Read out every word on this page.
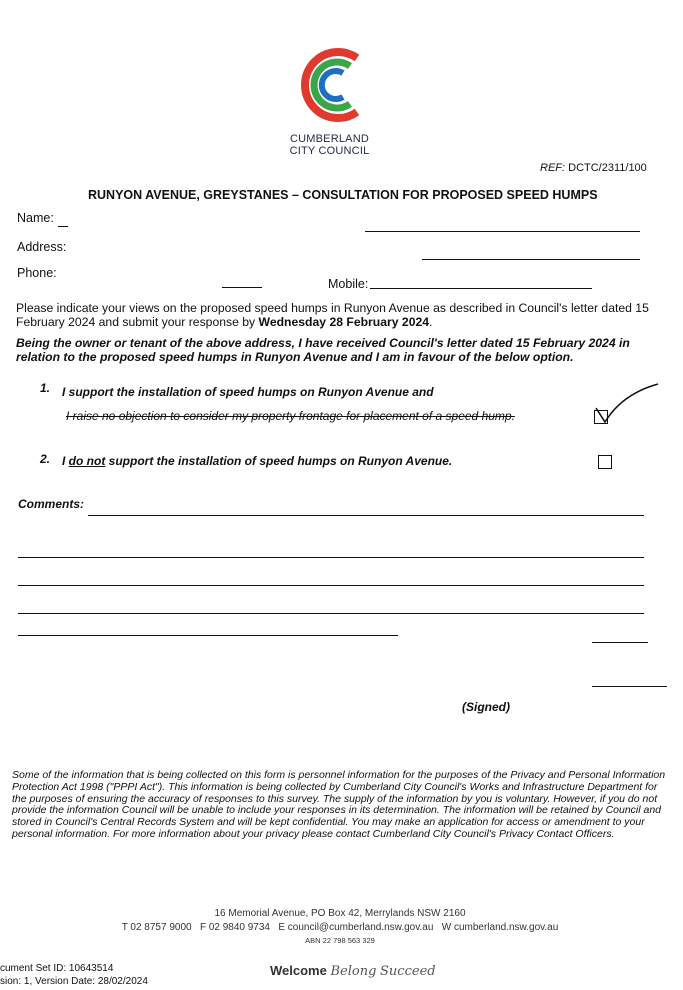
CUMBERLAND
CITY COUNCIL
REF: DCTC/2311/100
RUNYON AVENUE, GREYSTANES – CONSULTATION FOR PROPOSED SPEED HUMPS
Name:
Address:
Phone:
Mobile:
Please indicate your views on the proposed speed humps in Runyon Avenue as described in Council's letter dated 15 February 2024 and submit your response by Wednesday 28 February 2024.
Being the owner or tenant of the above address, I have received Council's letter dated 15 February 2024 in relation to the proposed speed humps in Runyon Avenue and I am in favour of the below option.
1. I support the installation of speed humps on Runyon Avenue and
I raise no objection to consider my property frontage for placement of a speed hump.
2. I do not support the installation of speed humps on Runyon Avenue.
Comments:
(Signed)
Some of the information that is being collected on this form is personnel information for the purposes of the Privacy and Personal Information Protection Act 1998 ("PPPI Act"). This information is being collected by Cumberland City Council's Works and Infrastructure Department for the purposes of ensuring the accuracy of responses to this survey. The supply of the information by you is voluntary. However, if you do not provide the information Council will be unable to include your responses in its determination. The information will be retained by Council and stored in Council's Central Records System and will be kept confidential. You may make an application for access or amendment to your personal information. For more information about your privacy please contact Cumberland City Council's Privacy Contact Officers.
16 Memorial Avenue, PO Box 42, Merrylands NSW 2160
T 02 8757 9000 F 02 9840 9734 E council@cumberland.nsw.gov.au W cumberland.nsw.gov.au
ABN 22 798 563 329
cument Set ID: 10643514
sion: 1, Version Date: 28/02/2024
Welcome Belong Succeed
